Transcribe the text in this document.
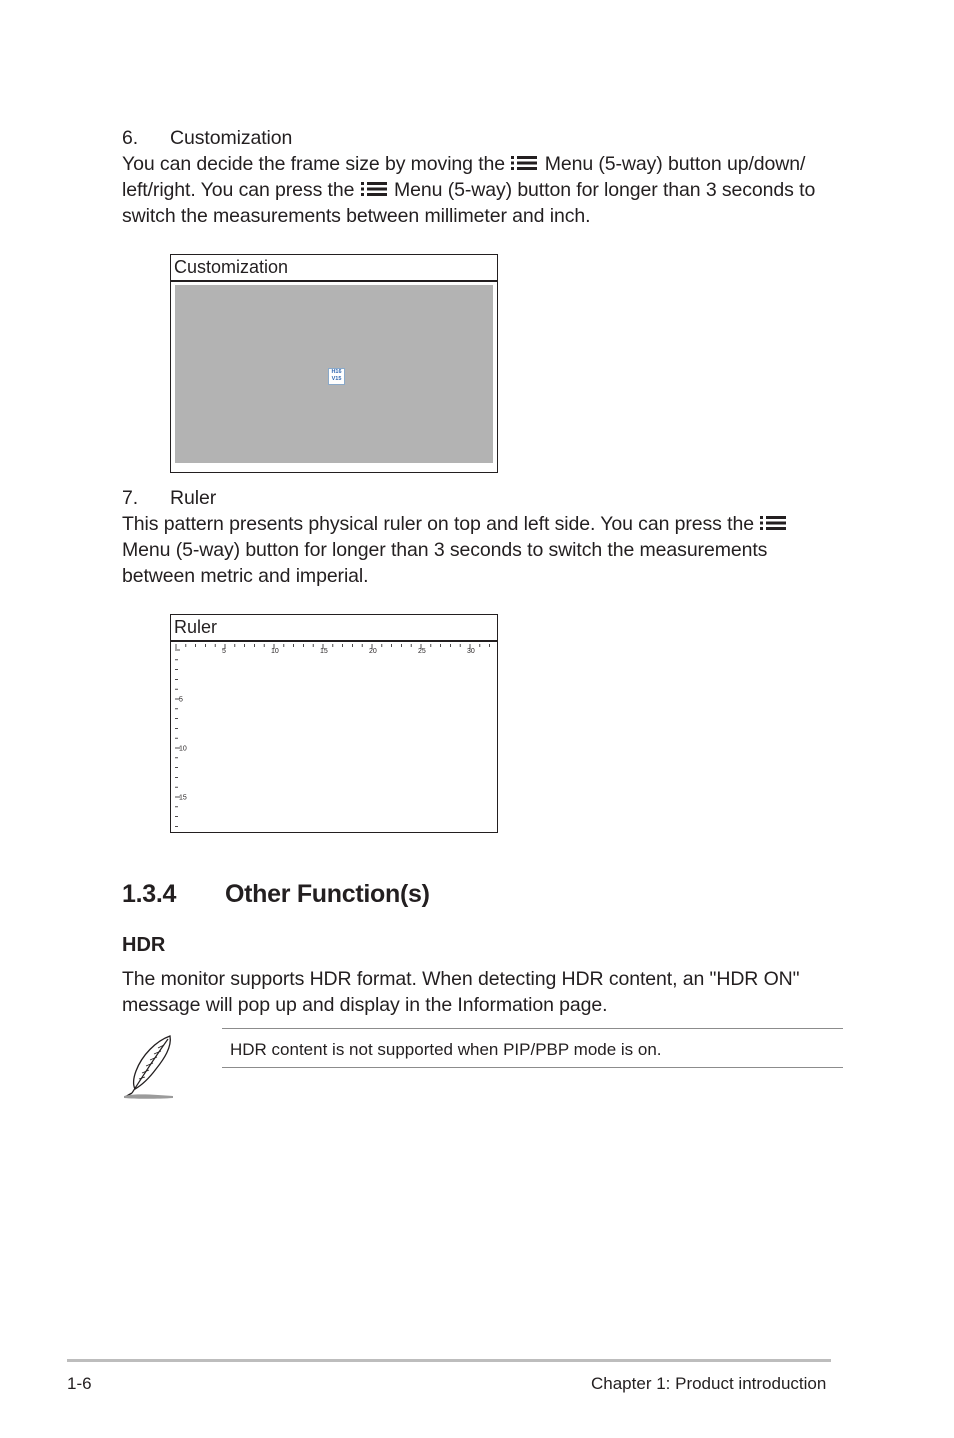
6. Customization
You can decide the frame size by moving the Menu (5-way) button up/down/
left/right. You can press the Menu (5-way) button for longer than 3 seconds to
switch the measurements between millimeter and inch.
Customization
H16
V15
7. Ruler
This pattern presents physical ruler on top and left side. You can press the
Menu (5-way) button for longer than 3 seconds to switch the measurements
between metric and imperial.
Ruler
5	10	15	20	25	30
5
10
15
1.3.4 Other Function(s)
HDR
The monitor supports HDR format. When detecting HDR content, an "HDR ON"
message will pop up and display in the Information page.
HDR content is not supported when PIP/PBP mode is on.
1-6	Chapter 1: Product introduction
